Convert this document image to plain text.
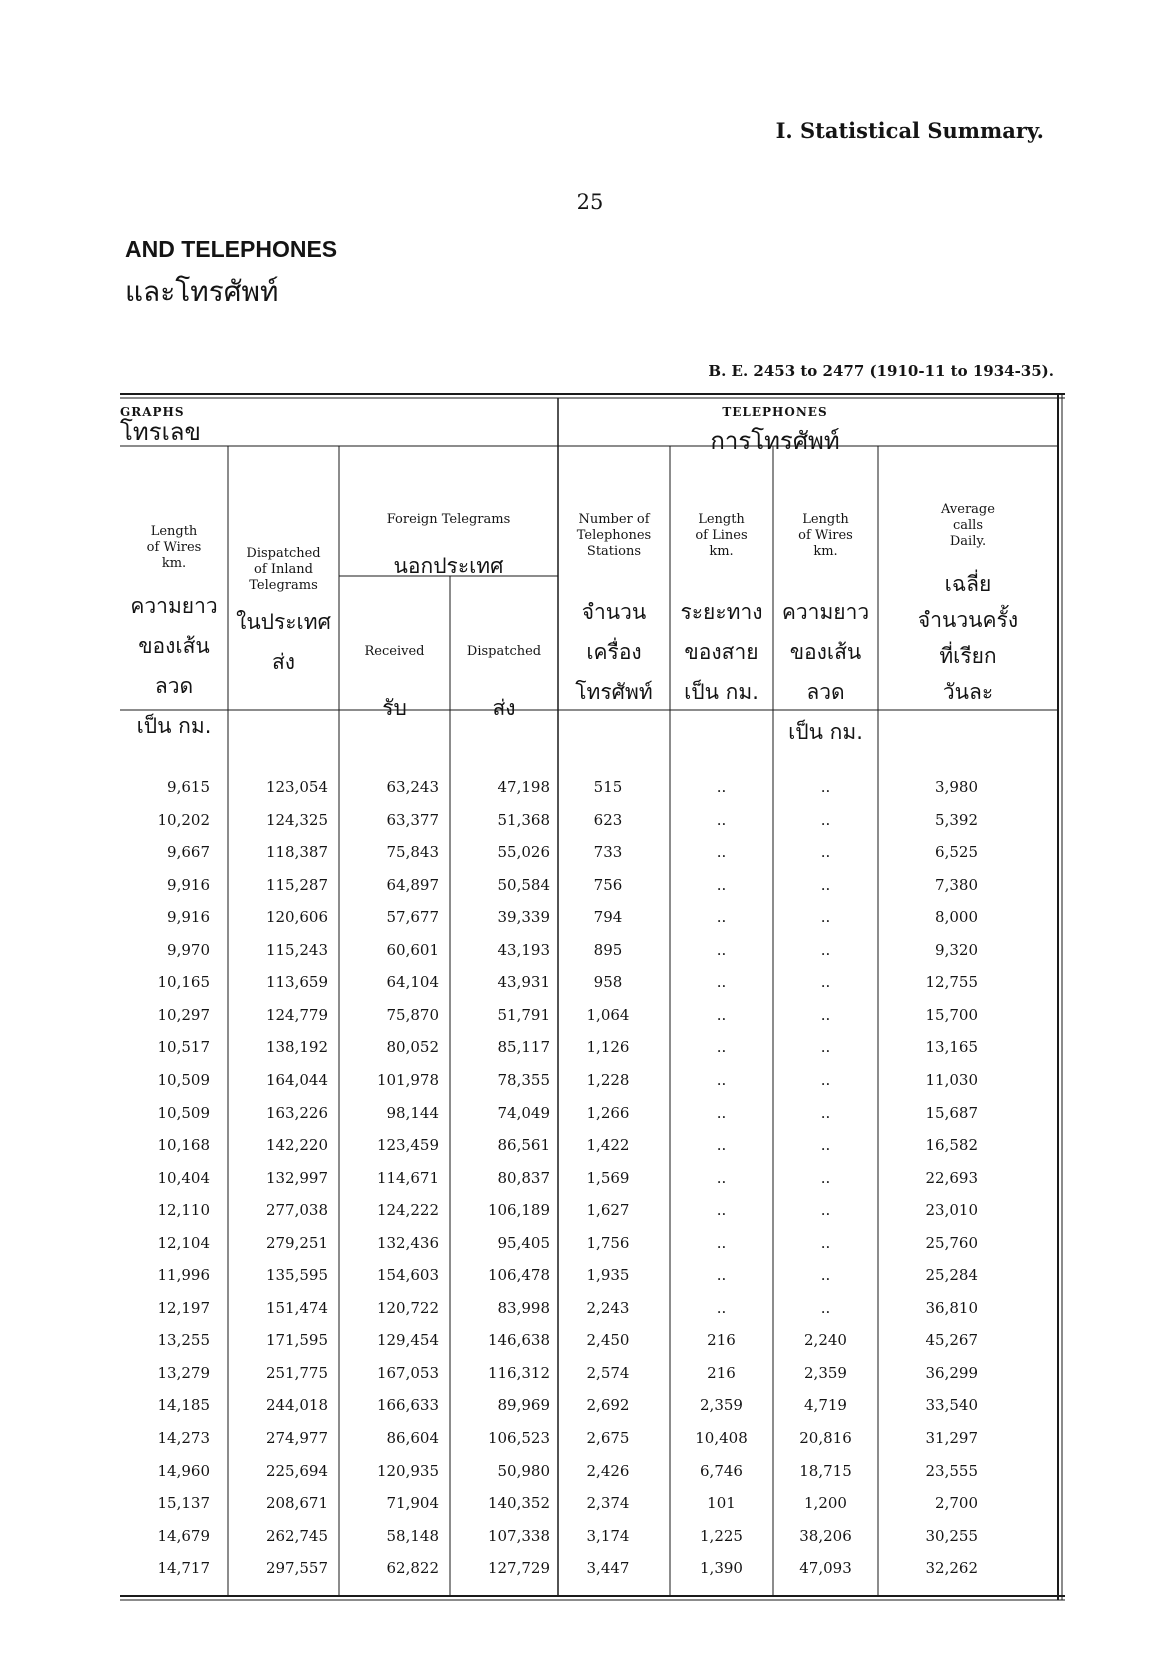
I. Statistical Summary.
25
AND TELEPHONES
และโทรศัพท์
B. E. 2453 to 2477 (1910-11 to 1934-35).
GRAPHS
โทรเลข
TELEPHONES
การโทรศัพท์
Length
of Wires
km.
ความยาว
ของเส้นลวด
เป็น กม.
Dispatched
of Inland
Telegrams
ในประเทศ
ส่ง
Foreign Telegrams
นอกประเทศ
Received
รับ
Dispatched
ส่ง
Number of
Telephones
Stations
จำนวน
เครื่อง
โทรศัพท์
Length
of Lines
km.
ระยะทาง
ของสาย
เป็น กม.
Length
of Wires
km.
ความยาว
ของเส้นลวด
เป็น กม.
Average
calls
Daily.
เฉลี่ย
จำนวนครั้ง
ที่เรียก
วันละ
9,615	123,054	63,243	47,198	515	..	..	3,980
10,202	124,325	63,377	51,368	623	..	..	5,392
9,667	118,387	75,843	55,026	733	..	..	6,525
9,916	115,287	64,897	50,584	756	..	..	7,380
9,916	120,606	57,677	39,339	794	..	..	8,000
9,970	115,243	60,601	43,193	895	..	..	9,320
10,165	113,659	64,104	43,931	958	..	..	12,755
10,297	124,779	75,870	51,791	1,064	..	..	15,700
10,517	138,192	80,052	85,117	1,126	..	..	13,165
10,509	164,044	101,978	78,355	1,228	..	..	11,030
10,509	163,226	98,144	74,049	1,266	..	..	15,687
10,168	142,220	123,459	86,561	1,422	..	..	16,582
10,404	132,997	114,671	80,837	1,569	..	..	22,693
12,110	277,038	124,222	106,189	1,627	..	..	23,010
12,104	279,251	132,436	95,405	1,756	..	..	25,760
11,996	135,595	154,603	106,478	1,935	..	..	25,284
12,197	151,474	120,722	83,998	2,243	..	..	36,810
13,255	171,595	129,454	146,638	2,450	216	2,240	45,267
13,279	251,775	167,053	116,312	2,574	216	2,359	36,299
14,185	244,018	166,633	89,969	2,692	2,359	4,719	33,540
14,273	274,977	86,604	106,523	2,675	10,408	20,816	31,297
14,960	225,694	120,935	50,980	2,426	6,746	18,715	23,555
15,137	208,671	71,904	140,352	2,374	101	1,200	2,700
14,679	262,745	58,148	107,338	3,174	1,225	38,206	30,255
14,717	297,557	62,822	127,729	3,447	1,390	47,093	32,262
